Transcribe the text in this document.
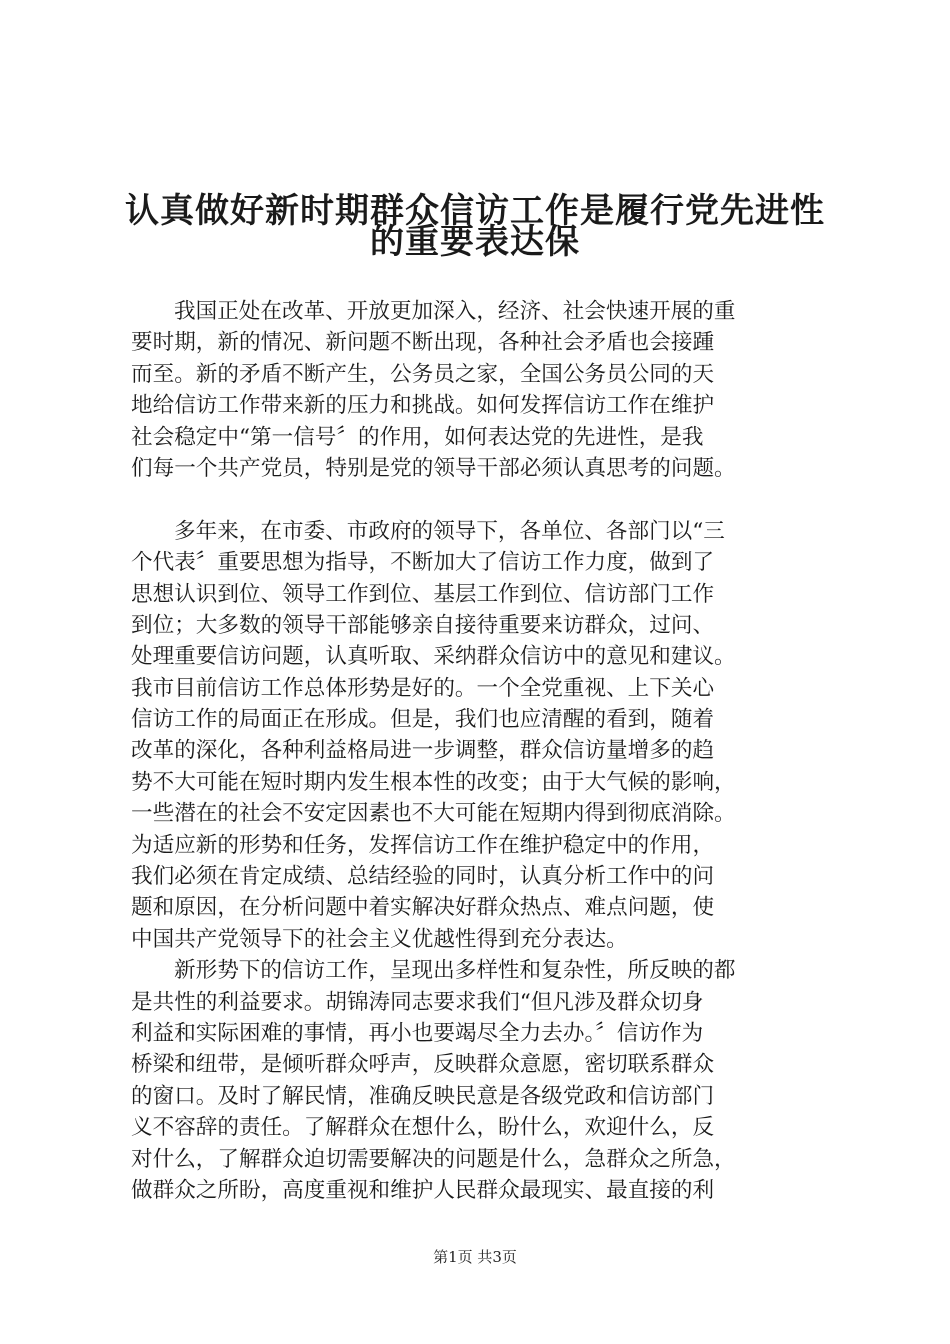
认真做好新时期群众信访工作是履行党先进性
的重要表达保
我国正处在改革、开放更加深入，经济、社会快速开展的重
要时期，新的情况、新问题不断出现，各种社会矛盾也会接踵
而至。新的矛盾不断产生，公务员之家，全国公务员公同的天
地给信访工作带来新的压力和挑战。如何发挥信访工作在维护
社会稳定中“第一信号〞的作用，如何表达党的先进性，是我
们每一个共产党员，特别是党的领导干部必须认真思考的问题。
多年来，在市委、市政府的领导下，各单位、各部门以“三
个代表〞重要思想为指导，不断加大了信访工作力度，做到了
思想认识到位、领导工作到位、基层工作到位、信访部门工作
到位；大多数的领导干部能够亲自接待重要来访群众，过问、
处理重要信访问题，认真听取、采纳群众信访中的意见和建议。
我市目前信访工作总体形势是好的。一个全党重视、上下关心
信访工作的局面正在形成。但是，我们也应清醒的看到，随着
改革的深化，各种利益格局进一步调整，群众信访量增多的趋
势不大可能在短时期内发生根本性的改变；由于大气候的影响，
一些潜在的社会不安定因素也不大可能在短期内得到彻底消除。
为适应新的形势和任务，发挥信访工作在维护稳定中的作用，
我们必须在肯定成绩、总结经验的同时，认真分析工作中的问
题和原因，在分析问题中着实解决好群众热点、难点问题，使
中国共产党领导下的社会主义优越性得到充分表达。
新形势下的信访工作，呈现出多样性和复杂性，所反映的都
是共性的利益要求。胡锦涛同志要求我们“但凡涉及群众切身
利益和实际困难的事情，再小也要竭尽全力去办。〞信访作为
桥梁和纽带，是倾听群众呼声，反映群众意愿，密切联系群众
的窗口。及时了解民情，准确反映民意是各级党政和信访部门
义不容辞的责任。了解群众在想什么，盼什么，欢迎什么，反
对什么，了解群众迫切需要解决的问题是什么，急群众之所急，
做群众之所盼，高度重视和维护人民群众最现实、最直接的利
第1页 共3页
